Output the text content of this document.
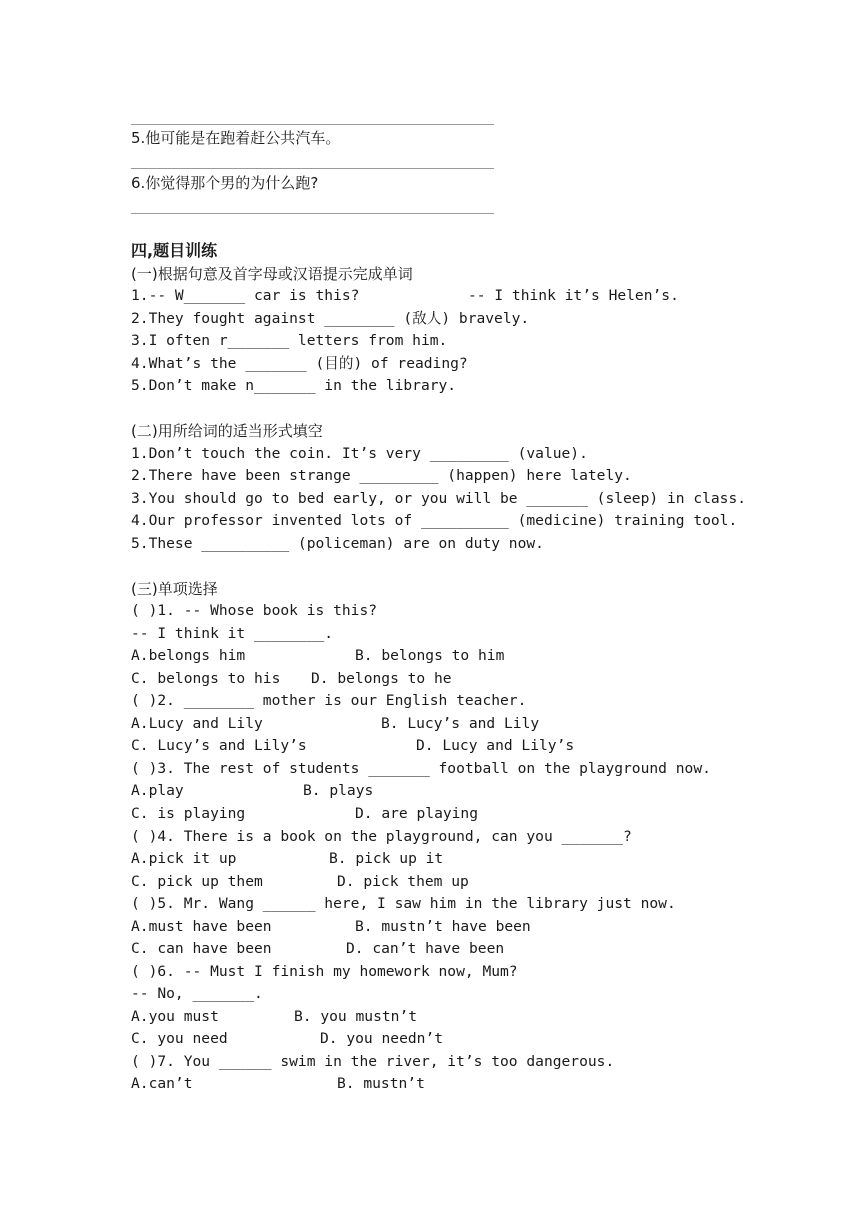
5.他可能是在跑着赶公共汽车。
6.你觉得那个男的为什么跑?
四,题目训练
(一)根据句意及首字母或汉语提示完成单词
1.-- W_______ car is this?	-- I think it’s Helen’s.
2.They fought against ________ (敌人) bravely.
3.I often r_______ letters from him.
4.What’s the _______ (目的) of reading?
5.Don’t make n_______ in the library.
(二)用所给词的适当形式填空
1.Don’t touch the coin. It’s very _________ (value).
2.There have been strange _________ (happen) here lately.
3.You should go to bed early, or you will be _______ (sleep) in class.
4.Our professor invented lots of __________ (medicine) training tool.
5.These __________ (policeman) are on duty now.
(三)单项选择
( )1. -- Whose book is this?
-- I think it ________.
A.belongs him	B. belongs to him
C. belongs to his D. belongs to he
( )2. ________ mother is our English teacher.
A.Lucy and Lily	B. Lucy’s and Lily
C. Lucy’s and Lily’s	D. Lucy and Lily’s
( )3. The rest of students _______ football on the playground now.
A.play	B. plays
C. is playing	D. are playing
( )4. There is a book on the playground, can you _______?
A.pick it up	B. pick up it
C. pick up them	D. pick them up
( )5. Mr. Wang ______ here, I saw him in the library just now.
A.must have been	B. mustn’t have been
C. can have been	D. can’t have been
( )6. -- Must I finish my homework now, Mum?
-- No, _______.
A.you must	B. you mustn’t
C. you need	D. you needn’t
( )7. You ______ swim in the river, it’s too dangerous.
A.can’t	B. mustn’t
